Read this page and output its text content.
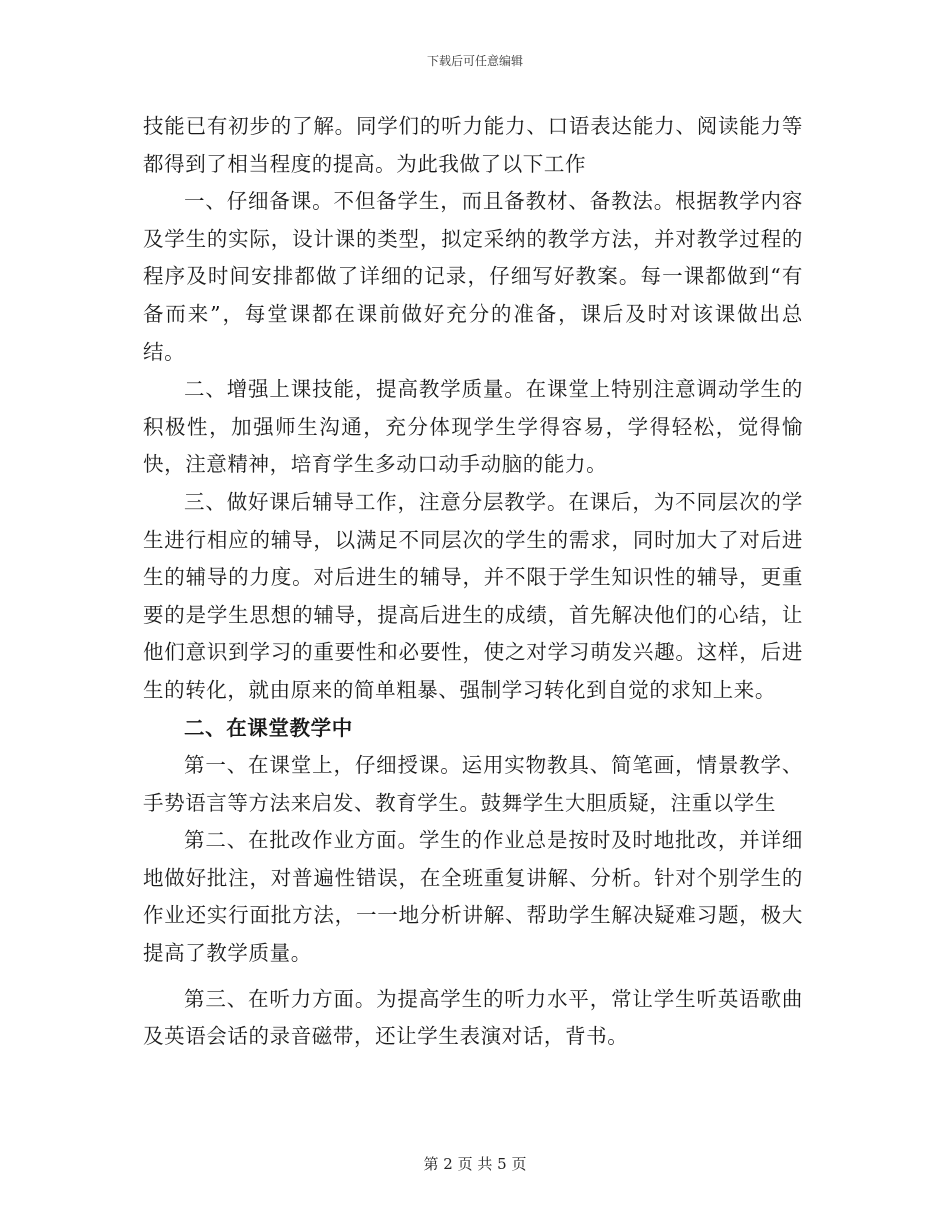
下载后可任意编辑

技能已有初步的了解。同学们的听力能力、口语表达能力、阅读能力等都得到了相当程度的提高。为此我做了以下工作

一、仔细备课。不但备学生，而且备教材、备教法。根据教学内容及学生的实际，设计课的类型，拟定采纳的教学方法，并对教学过程的程序及时间安排都做了详细的记录，仔细写好教案。每一课都做到“有备而来”，每堂课都在课前做好充分的准备，课后及时对该课做出总结。

二、增强上课技能，提高教学质量。在课堂上特别注意调动学生的积极性，加强师生沟通，充分体现学生学得容易，学得轻松，觉得愉快，注意精神，培育学生多动口动手动脑的能力。

三、做好课后辅导工作，注意分层教学。在课后，为不同层次的学生进行相应的辅导，以满足不同层次的学生的需求，同时加大了对后进生的辅导的力度。对后进生的辅导，并不限于学生知识性的辅导，更重要的是学生思想的辅导，提高后进生的成绩，首先解决他们的心结，让他们意识到学习的重要性和必要性，使之对学习萌发兴趣。这样，后进生的转化，就由原来的简单粗暴、强制学习转化到自觉的求知上来。

二、在课堂教学中

第一、在课堂上，仔细授课。运用实物教具、简笔画，情景教学、手势语言等方法来启发、教育学生。鼓舞学生大胆质疑，注重以学生

第二、在批改作业方面。学生的作业总是按时及时地批改，并详细地做好批注，对普遍性错误，在全班重复讲解、分析。针对个别学生的作业还实行面批方法，一一地分析讲解、帮助学生解决疑难习题，极大提高了教学质量。

第三、在听力方面。为提高学生的听力水平，常让学生听英语歌曲及英语会话的录音磁带，还让学生表演对话，背书。

第 2 页 共 5 页
